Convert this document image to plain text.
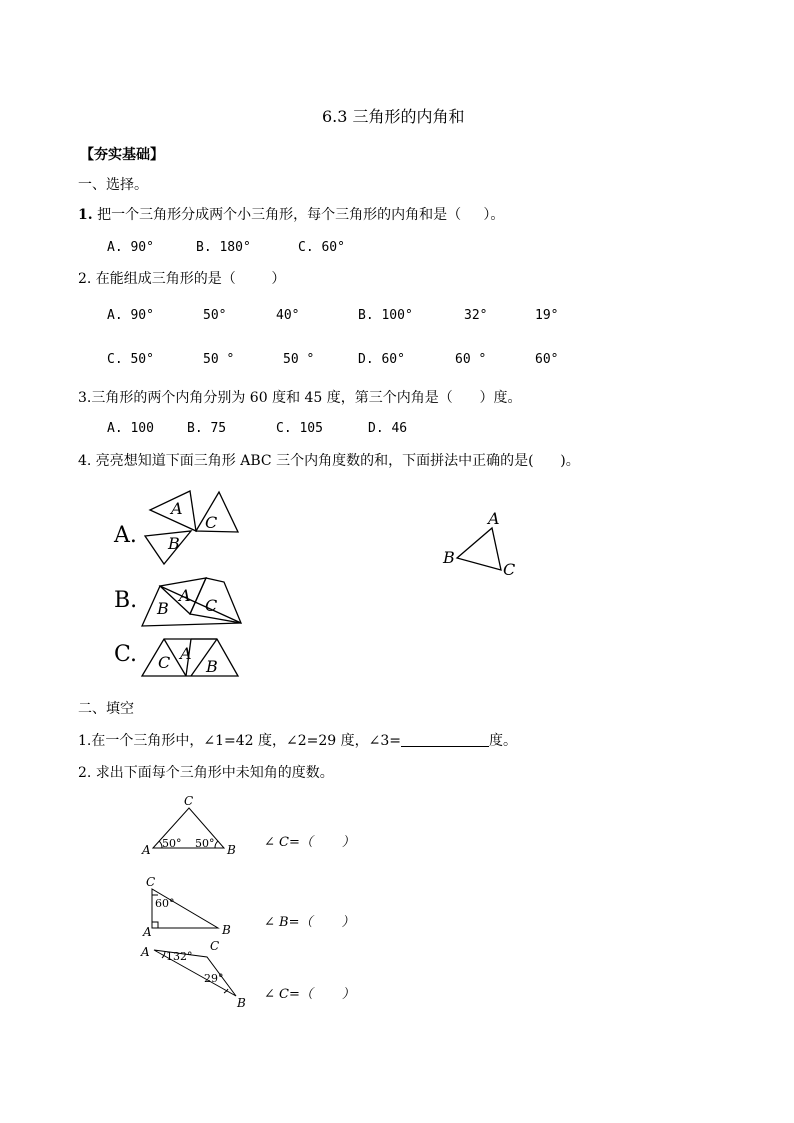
6.3 三角形的内角和
【夯实基础】
一、选择。
1. 把一个三角形分成两个小三角形，每个三角形的内角和是（     ）。
A. 90°	B. 180°	C. 60°
2. 在能组成三角形的是（        ）
A. 90°	50°	40°	B. 100°	32°	19°
C. 50°	50 °	50 °	D. 60°	60 °	60°
3.三角形的两个内角分别为 60 度和 45 度，第三个内角是（      ）度。
A. 100	B. 75	C. 105	D. 46
4. 亮亮想知道下面三角形 ABC 三个内角度数的和，下面拼法中正确的是(      )。
A.
A
C
B
B. B
A
C
C. C A
B
A
B
C
二、填空
1.在一个三角形中，∠1=42 度，∠2=29 度，∠3=	度。
2. 求出下面每个三角形中未知角的度数。
C
A	B
50° 50°
C
A	B
60°
C
A
B
132°
29°
∠ C=（       ）
∠ B=（       ）
∠ C=（       ）
